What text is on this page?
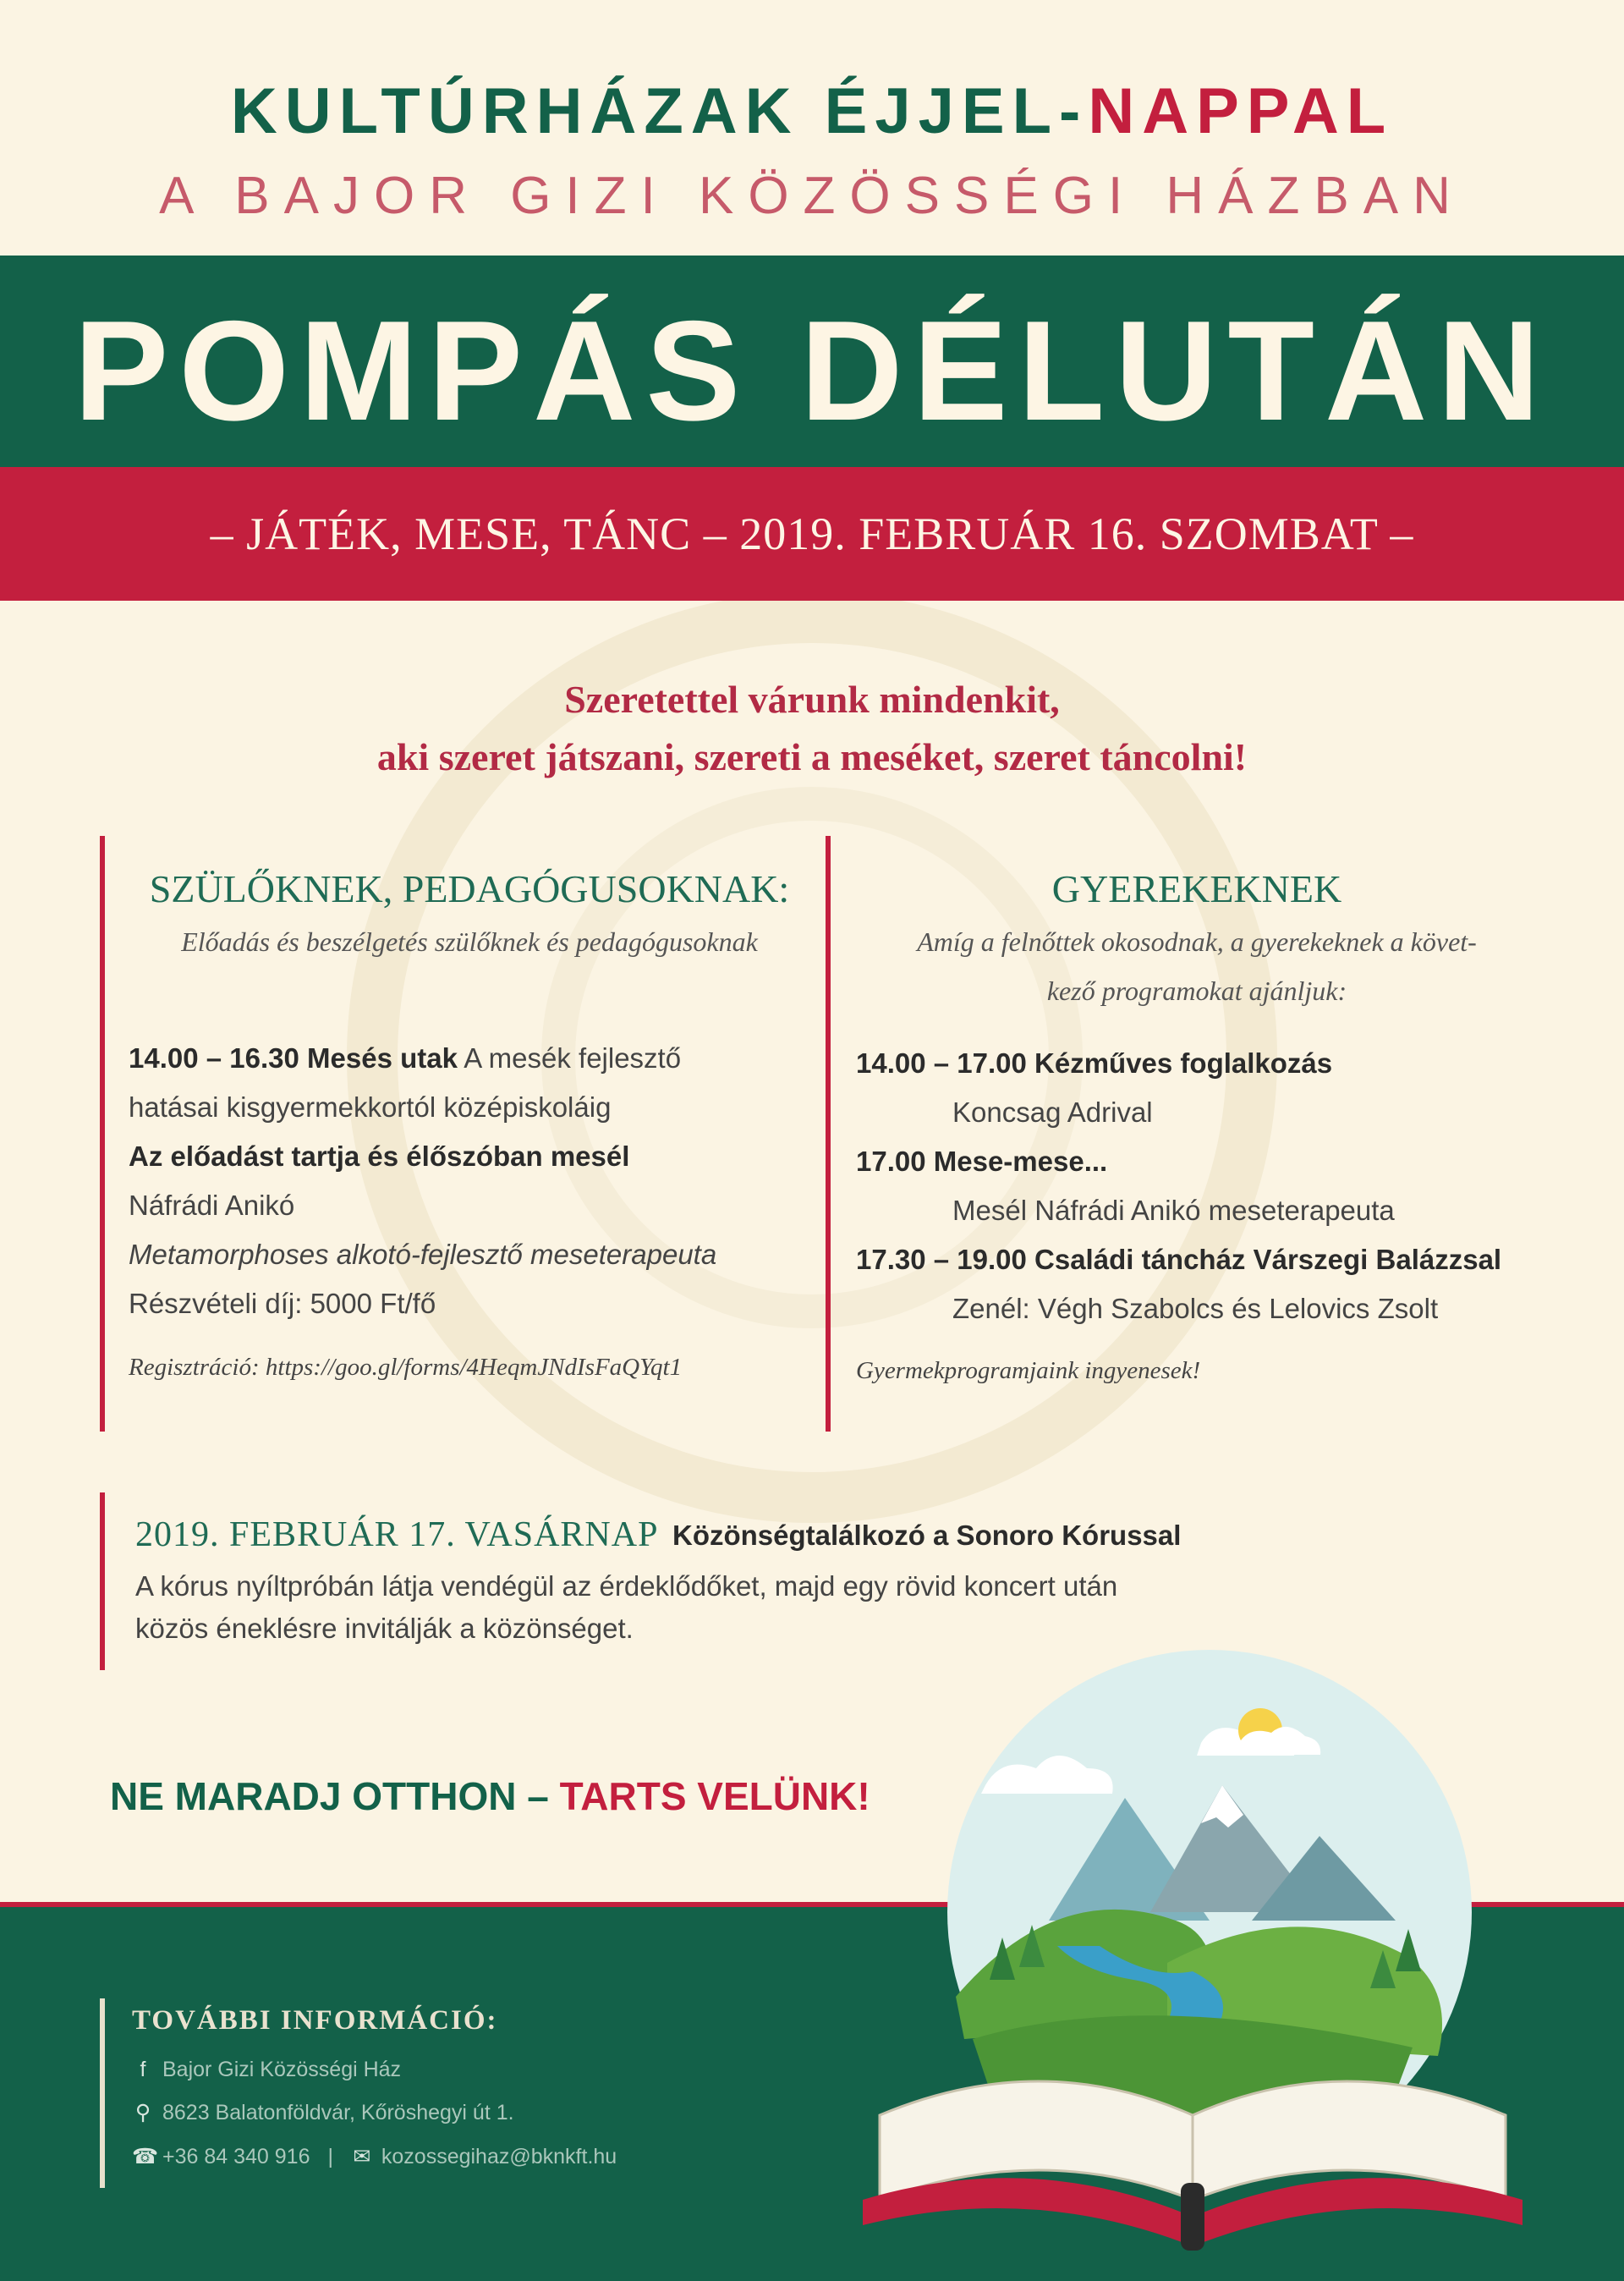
KULTÚRHÁZAK ÉJJEL-NAPPAL
A BAJOR GIZI KÖZÖSSÉGI HÁZBAN
POMPÁS DÉLUTÁN
– JÁTÉK, MESE, TÁNC – 2019. FEBRUÁR 16. SZOMBAT –
Szeretettel várunk mindenkit,
aki szeret játszani, szereti a meséket, szeret táncolni!
SZÜLŐKNEK, PEDAGÓGUSOKNAK:
Előadás és beszélgetés szülőknek és pedagógusoknak
14.00 – 16.30 Mesés utak A mesék fejlesztő
hatásai kisgyermekkortól középiskoláig
Az előadást tartja és élőszóban mesél
Náfrádi Anikó
Metamorphoses alkotó-fejlesztő meseterapeuta
Részvételi díj: 5000 Ft/fő
Regisztráció: https://goo.gl/forms/4HeqmJNdIsFaQYqt1
GYEREKEKNEK
Amíg a felnőttek okosodnak, a gyerekeknek a követ-
kező programokat ajánljuk:
14.00 – 17.00 Kézműves foglalkozás
Koncsag Adrival
17.00 Mese-mese...
Mesél Náfrádi Anikó meseterapeuta
17.30 – 19.00 Családi táncház Várszegi Balázzsal
Zenél: Végh Szabolcs és Lelovics Zsolt
Gyermekprogramjaink ingyenesek!
2019. FEBRUÁR 17. VASÁRNAP Közönségtalálkozó a Sonoro Kórussal
A kórus nyíltpróbán látja vendégül az érdeklődőket, majd egy rövid koncert után
közös éneklésre invitálják a közönséget.
NE MARADJ OTTHON – TARTS VELÜNK!
TOVÁBBI INFORMÁCIÓ:
f Bajor Gizi Közösségi Ház
⚲ 8623 Balatonföldvár, Kőröshegyi út 1.
☎ +36 84 340 916 | ✉ kozossegihaz@bknkft.hu
